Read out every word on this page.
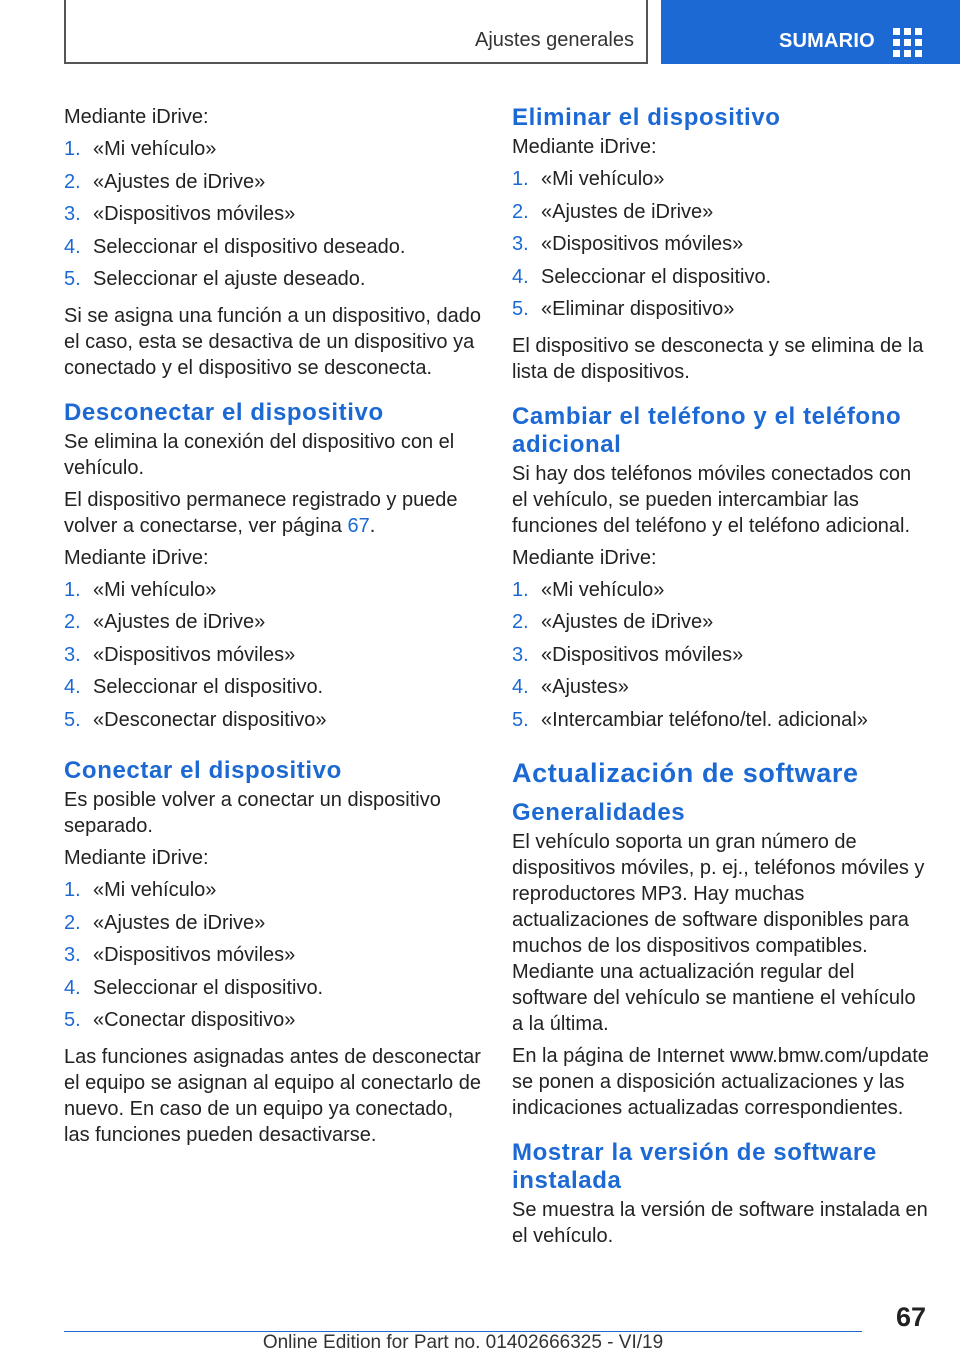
Ajustes generales	SUMARIO

Mediante iDrive:

1. «Mi vehículo»
2. «Ajustes de iDrive»
3. «Dispositivos móviles»
4. Seleccionar el dispositivo deseado.
5. Seleccionar el ajuste deseado.

Si se asigna una función a un dispositivo, dado el caso, esta se desactiva de un dispositivo ya conectado y el dispositivo se desconecta.

Desconectar el dispositivo

Se elimina la conexión del dispositivo con el vehículo.

El dispositivo permanece registrado y puede volver a conectarse, ver página 67.

Mediante iDrive:

1. «Mi vehículo»
2. «Ajustes de iDrive»
3. «Dispositivos móviles»
4. Seleccionar el dispositivo.
5. «Desconectar dispositivo»
Conectar el dispositivo

Es posible volver a conectar un dispositivo separado.

Mediante iDrive:

1. «Mi vehículo»
2. «Ajustes de iDrive»
3. «Dispositivos móviles»
4. Seleccionar el dispositivo.
5. «Conectar dispositivo»

Las funciones asignadas antes de desconectar el equipo se asignan al equipo al conectarlo de nuevo. En caso de un equipo ya conectado, las funciones pueden desactivarse.

Eliminar el dispositivo

Mediante iDrive:

1. «Mi vehículo»
2. «Ajustes de iDrive»
3. «Dispositivos móviles»
4. Seleccionar el dispositivo.
5. «Eliminar dispositivo»

El dispositivo se desconecta y se elimina de la lista de dispositivos.

Cambiar el teléfono y el teléfono adicional

Si hay dos teléfonos móviles conectados con el vehículo, se pueden intercambiar las funciones del teléfono y el teléfono adicional.

Mediante iDrive:

1. «Mi vehículo»
2. «Ajustes de iDrive»
3. «Dispositivos móviles»
4. «Ajustes»
5. «Intercambiar teléfono/tel. adicional»
Actualización de software
Generalidades

El vehículo soporta un gran número de dispositivos móviles, p. ej., teléfonos móviles y reproductores MP3. Hay muchas actualizaciones de software disponibles para muchos de los dispositivos compatibles. Mediante una actualización regular del software del vehículo se mantiene el vehículo a la última.

En la página de Internet www.bmw.com/update se ponen a disposición actualizaciones y las indicaciones actualizadas correspondientes.

Mostrar la versión de software instalada

Se muestra la versión de software instalada en el vehículo.

67
Online Edition for Part no. 01402666325 - VI/19
